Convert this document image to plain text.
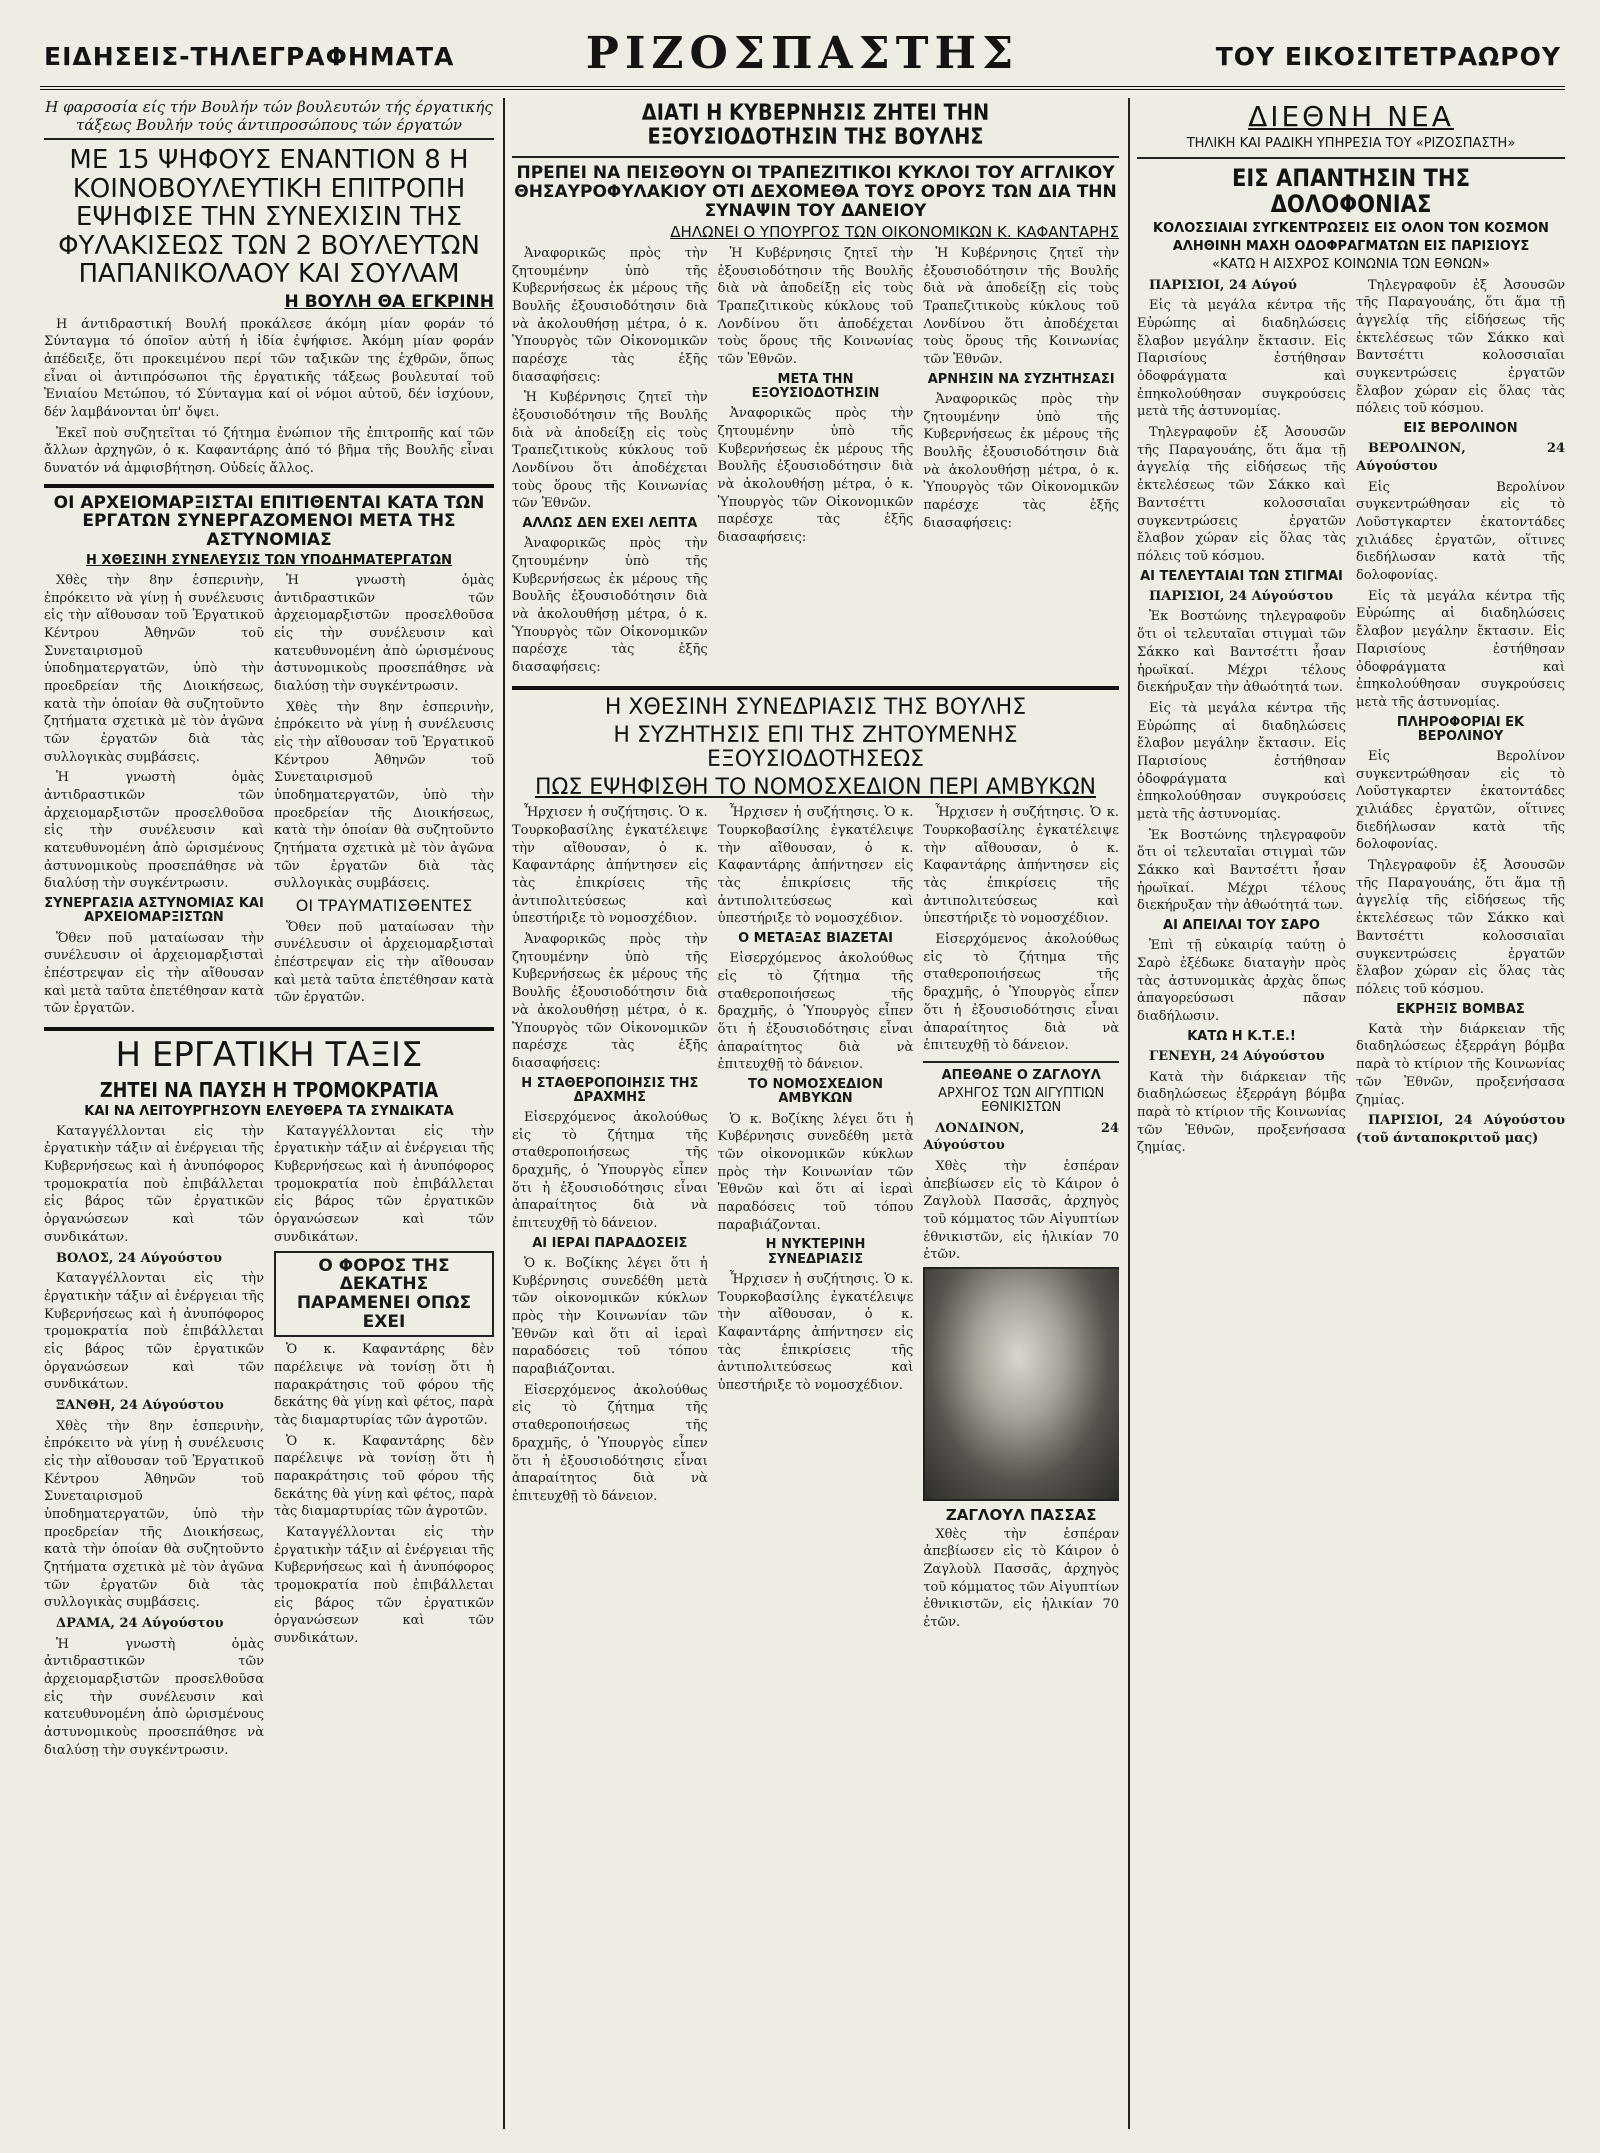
ΕΙΔΗΣΕΙΣ-ΤΗΛΕΓΡΑΦΗΜΑΤΑ	ΡΙΖΟΣΠΑΣΤΗΣ	ΤΟΥ ΕΙΚΟΣΙΤΕΤΡΑΩΡΟΥ
Η φαρσοσία είς τήν Βουλήν τών βουλευτών τής έργατικής τάξεως Βουλήν τούς άντιπροσώπους τών έργατών
ΜΕ 15 ΨΗΦΟΥΣ ΕΝΑΝΤΙΟΝ 8 Η ΚΟΙΝΟΒΟΥΛΕΥΤΙΚΗ ΕΠΙΤΡΟΠΗ ΕΨΗΦΙΣΕ ΤΗΝ ΣΥΝΕΧΙΣΙΝ ΤΗΣ ΦΥΛΑΚΙΣΕΩΣ ΤΩΝ 2 ΒΟΥΛΕΥΤΩΝ ΠΑΠΑΝΙΚΟΛΑΟΥ ΚΑΙ ΣΟΥΛΑΜ
Η ΒΟΥΛΗ ΘΑ ΕΓΚΡΙΝΗ

Η άντιδραστική Βουλή προκάλεσε άκόμη μίαν φοράν τό Σύνταγμα τό όποῖον αὐτή ἡ ἰδία ἐψήφισε. Ἀκόμη μίαν φοράν ἀπέδειξε, ὅτι προκειμένου περί τῶν ταξικῶν της ἐχθρῶν, ὅπως εἶναι οἱ ἀντιπρόσωποι τῆς ἐργατικῆς τάξεως βουλευταί τοῦ Ἑνιαίου Μετώπου, τό Σύνταγμα καί οἱ νόμοι αὐτοῦ, δέν ἰσχύουν, δέν λαμβάνονται ὑπ' ὄψει.

Ἐκεῖ ποὺ συζητεῖται τό ζήτημα ἐνώπιον τῆς ἐπιτροπῆς καί τῶν ἄλλων ἀρχηγῶν, ὁ κ. Καφαντάρης ἀπό τό βῆμα τῆς Βουλῆς εἶναι δυνατόν νά ἀμφισβήτηση. Οὐδείς ἄλλος.

ΟΙ ΑΡΧΕΙΟΜΑΡΞΙΣΤΑΙ ΕΠΙΤΙΘΕΝΤΑΙ ΚΑΤΑ ΤΩΝ ΕΡΓΑΤΩΝ ΣΥΝΕΡΓΑΖΟΜΕΝΟΙ ΜΕΤΑ ΤΗΣ ΑΣΤΥΝΟΜΙΑΣ
Η ΧΘΕΣΙΝΗ ΣΥΝΕΛΕΥΣΙΣ ΤΩΝ ΥΠΟΔΗΜΑΤΕΡΓΑΤΩΝ

Χθὲς τὴν 8ην ἑσπερινὴν, ἐπρόκειτο νὰ γίνῃ ἡ συνέλευσις εἰς τὴν αἴθουσαν τοῦ Ἐργατικοῦ Κέντρου Ἀθηνῶν τοῦ Συνεταιρισμοῦ ὑποδηματεργατῶν, ὑπὸ τὴν προεδρείαν τῆς Διοικήσεως, κατὰ τὴν ὁποίαν θὰ συζητοῦντο ζητήματα σχετικὰ μὲ τὸν ἀγῶνα τῶν ἐργατῶν διὰ τὰς συλλογικὰς συμβάσεις.

Ἡ γνωστὴ ὁμὰς ἀντιδραστικῶν τῶν ἀρχειομαρξιστῶν προσελθοῦσα εἰς τὴν συνέλευσιν καὶ κατευθυνομένη ἀπὸ ὡρισμένους ἀστυνομικοὺς προσεπάθησε νὰ διαλύσῃ τὴν συγκέντρωσιν.

ΣΥΝΕΡΓΑΣΙΑ ΑΣΤΥΝΟΜΙΑΣ ΚΑΙ ΑΡΧΕΙΟΜΑΡΞΙΣΤΩΝ

Ὅθεν ποῦ ματαίωσαν τὴν συνέλευσιν οἱ ἀρχειομαρξισταὶ ἐπέστρεψαν εἰς τὴν αἴθουσαν καὶ μετὰ ταῦτα ἐπετέθησαν κατὰ τῶν ἐργατῶν.

Ἡ γνωστὴ ὁμὰς ἀντιδραστικῶν τῶν ἀρχειομαρξιστῶν προσελθοῦσα εἰς τὴν συνέλευσιν καὶ κατευθυνομένη ἀπὸ ὡρισμένους ἀστυνομικοὺς προσεπάθησε νὰ διαλύσῃ τὴν συγκέντρωσιν.

Χθὲς τὴν 8ην ἑσπερινὴν, ἐπρόκειτο νὰ γίνῃ ἡ συνέλευσις εἰς τὴν αἴθουσαν τοῦ Ἐργατικοῦ Κέντρου Ἀθηνῶν τοῦ Συνεταιρισμοῦ ὑποδηματεργατῶν, ὑπὸ τὴν προεδρείαν τῆς Διοικήσεως, κατὰ τὴν ὁποίαν θὰ συζητοῦντο ζητήματα σχετικὰ μὲ τὸν ἀγῶνα τῶν ἐργατῶν διὰ τὰς συλλογικὰς συμβάσεις.

ΟΙ ΤΡΑΥΜΑΤΙΣΘΕΝΤΕΣ

Ὅθεν ποῦ ματαίωσαν τὴν συνέλευσιν οἱ ἀρχειομαρξισταὶ ἐπέστρεψαν εἰς τὴν αἴθουσαν καὶ μετὰ ταῦτα ἐπετέθησαν κατὰ τῶν ἐργατῶν.

Η ΕΡΓΑΤΙΚΗ ΤΑΞΙΣ
ΖΗΤΕΙ ΝΑ ΠΑΥΣΗ Η ΤΡΟΜΟΚΡΑΤΙΑ
ΚΑΙ ΝΑ ΛΕΙΤΟΥΡΓΗΣΟΥΝ ΕΛΕΥΘΕΡΑ ΤΑ ΣΥΝΔΙΚΑΤΑ

Καταγγέλλονται εἰς τὴν ἐργατικὴν τάξιν αἱ ἐνέργειαι τῆς Κυβερνήσεως καὶ ἡ ἀνυπόφορος τρομοκρατία ποὺ ἐπιβάλλεται εἰς βάρος τῶν ἐργατικῶν ὀργανώσεων καὶ τῶν συνδικάτων.

ΒΟΛΟΣ, 24 Αύγούστου

Καταγγέλλονται εἰς τὴν ἐργατικὴν τάξιν αἱ ἐνέργειαι τῆς Κυβερνήσεως καὶ ἡ ἀνυπόφορος τρομοκρατία ποὺ ἐπιβάλλεται εἰς βάρος τῶν ἐργατικῶν ὀργανώσεων καὶ τῶν συνδικάτων.

ΞΑΝΘΗ, 24 Αύγούστου

Χθὲς τὴν 8ην ἑσπερινὴν, ἐπρόκειτο νὰ γίνῃ ἡ συνέλευσις εἰς τὴν αἴθουσαν τοῦ Ἐργατικοῦ Κέντρου Ἀθηνῶν τοῦ Συνεταιρισμοῦ ὑποδηματεργατῶν, ὑπὸ τὴν προεδρείαν τῆς Διοικήσεως, κατὰ τὴν ὁποίαν θὰ συζητοῦντο ζητήματα σχετικὰ μὲ τὸν ἀγῶνα τῶν ἐργατῶν διὰ τὰς συλλογικὰς συμβάσεις.

ΔΡΑΜΑ, 24 Αύγούστου

Ἡ γνωστὴ ὁμὰς ἀντιδραστικῶν τῶν ἀρχειομαρξιστῶν προσελθοῦσα εἰς τὴν συνέλευσιν καὶ κατευθυνομένη ἀπὸ ὡρισμένους ἀστυνομικοὺς προσεπάθησε νὰ διαλύσῃ τὴν συγκέντρωσιν.

Καταγγέλλονται εἰς τὴν ἐργατικὴν τάξιν αἱ ἐνέργειαι τῆς Κυβερνήσεως καὶ ἡ ἀνυπόφορος τρομοκρατία ποὺ ἐπιβάλλεται εἰς βάρος τῶν ἐργατικῶν ὀργανώσεων καὶ τῶν συνδικάτων.

Ο ΦΟΡΟΣ ΤΗΣ ΔΕΚΑΤΗΣ ΠΑΡΑΜΕΝΕΙ ΟΠΩΣ ΕΧΕΙ

Ὁ κ. Καφαντάρης δὲν παρέλειψε νὰ τονίσῃ ὅτι ἡ παρακράτησις τοῦ φόρου τῆς δεκάτης θὰ γίνῃ καὶ φέτος, παρὰ τὰς διαμαρτυρίας τῶν ἀγροτῶν.

Ὁ κ. Καφαντάρης δὲν παρέλειψε νὰ τονίσῃ ὅτι ἡ παρακράτησις τοῦ φόρου τῆς δεκάτης θὰ γίνῃ καὶ φέτος, παρὰ τὰς διαμαρτυρίας τῶν ἀγροτῶν.

Καταγγέλλονται εἰς τὴν ἐργατικὴν τάξιν αἱ ἐνέργειαι τῆς Κυβερνήσεως καὶ ἡ ἀνυπόφορος τρομοκρατία ποὺ ἐπιβάλλεται εἰς βάρος τῶν ἐργατικῶν ὀργανώσεων καὶ τῶν συνδικάτων.

ΔΙΑΤΙ Η ΚΥΒΕΡΝΗΣΙΣ ΖΗΤΕΙ ΤΗΝ ΕΞΟΥΣΙΟΔΟΤΗΣΙΝ ΤΗΣ ΒΟΥΛΗΣ
ΠΡΕΠΕΙ ΝΑ ΠΕΙΣΘΟΥΝ ΟΙ ΤΡΑΠΕΖΙΤΙΚΟΙ ΚΥΚΛΟΙ ΤΟΥ ΑΓΓΛΙΚΟΥ ΘΗΣΑΥΡΟΦΥΛΑΚΙΟΥ ΟΤΙ ΔΕΧΟΜΕΘΑ ΤΟΥΣ ΟΡΟΥΣ ΤΩΝ ΔΙΑ ΤΗΝ ΣΥΝΑΨΙΝ ΤΟΥ ΔΑΝΕΙΟΥ
ΔΗΛΩΝΕΙ Ο ΥΠΟΥΡΓΟΣ ΤΩΝ ΟΙΚΟΝΟΜΙΚΩΝ Κ. ΚΑΦΑΝΤΑΡΗΣ

Ἀναφορικῶς πρὸς τὴν ζητουμένην ὑπὸ τῆς Κυβερνήσεως ἐκ μέρους τῆς Βουλῆς ἐξουσιοδότησιν διὰ νὰ ἀκολουθήσῃ μέτρα, ὁ κ. Ὑπουργὸς τῶν Οἰκονομικῶν παρέσχε τὰς ἑξῆς διασαφήσεις:

Ἡ Κυβέρνησις ζητεῖ τὴν ἐξουσιοδότησιν τῆς Βουλῆς διὰ νὰ ἀποδείξῃ εἰς τοὺς Τραπεζιτικοὺς κύκλους τοῦ Λονδίνου ὅτι ἀποδέχεται τοὺς ὅρους τῆς Κοινωνίας τῶν Ἐθνῶν.

ΑΛΛΩΣ ΔΕΝ ΕΧΕΙ ΛΕΠΤΑ

Ἀναφορικῶς πρὸς τὴν ζητουμένην ὑπὸ τῆς Κυβερνήσεως ἐκ μέρους τῆς Βουλῆς ἐξουσιοδότησιν διὰ νὰ ἀκολουθήσῃ μέτρα, ὁ κ. Ὑπουργὸς τῶν Οἰκονομικῶν παρέσχε τὰς ἑξῆς διασαφήσεις:

Ἡ Κυβέρνησις ζητεῖ τὴν ἐξουσιοδότησιν τῆς Βουλῆς διὰ νὰ ἀποδείξῃ εἰς τοὺς Τραπεζιτικοὺς κύκλους τοῦ Λονδίνου ὅτι ἀποδέχεται τοὺς ὅρους τῆς Κοινωνίας τῶν Ἐθνῶν.

ΜΕΤΑ ΤΗΝ ΕΞΟΥΣΙΟΔΟΤΗΣΙΝ

Ἀναφορικῶς πρὸς τὴν ζητουμένην ὑπὸ τῆς Κυβερνήσεως ἐκ μέρους τῆς Βουλῆς ἐξουσιοδότησιν διὰ νὰ ἀκολουθήσῃ μέτρα, ὁ κ. Ὑπουργὸς τῶν Οἰκονομικῶν παρέσχε τὰς ἑξῆς διασαφήσεις:

Ἡ Κυβέρνησις ζητεῖ τὴν ἐξουσιοδότησιν τῆς Βουλῆς διὰ νὰ ἀποδείξῃ εἰς τοὺς Τραπεζιτικοὺς κύκλους τοῦ Λονδίνου ὅτι ἀποδέχεται τοὺς ὅρους τῆς Κοινωνίας τῶν Ἐθνῶν.

ΑΡΝΗΣΙΝ ΝΑ ΣΥΖΗΤΗΣΑΣΙ

Ἀναφορικῶς πρὸς τὴν ζητουμένην ὑπὸ τῆς Κυβερνήσεως ἐκ μέρους τῆς Βουλῆς ἐξουσιοδότησιν διὰ νὰ ἀκολουθήσῃ μέτρα, ὁ κ. Ὑπουργὸς τῶν Οἰκονομικῶν παρέσχε τὰς ἑξῆς διασαφήσεις:

Η ΧΘΕΣΙΝΗ ΣΥΝΕΔΡΙΑΣΙΣ ΤΗΣ ΒΟΥΛΗΣ
Η ΣΥΖΗΤΗΣΙΣ ΕΠΙ ΤΗΣ ΖΗΤΟΥΜΕΝΗΣ ΕΞΟΥΣΙΟΔΟΤΗΣΕΩΣ
ΠΩΣ ΕΨΗΦΙΣΘΗ ΤΟ ΝΟΜΟΣΧΕΔΙΟΝ ΠΕΡΙ ΑΜΒΥΚΩΝ

Ἦρχισεν ἡ συζήτησις. Ὁ κ. Τουρκοβασίλης ἐγκατέλειψε τὴν αἴθουσαν, ὁ κ. Καφαντάρης ἀπήντησεν εἰς τὰς ἐπικρίσεις τῆς ἀντιπολιτεύσεως καὶ ὑπεστήριξε τὸ νομοσχέδιον.

Ἀναφορικῶς πρὸς τὴν ζητουμένην ὑπὸ τῆς Κυβερνήσεως ἐκ μέρους τῆς Βουλῆς ἐξουσιοδότησιν διὰ νὰ ἀκολουθήσῃ μέτρα, ὁ κ. Ὑπουργὸς τῶν Οἰκονομικῶν παρέσχε τὰς ἑξῆς διασαφήσεις:

Η ΣΤΑΘΕΡΟΠΟΙΗΣΙΣ ΤΗΣ ΔΡΑΧΜΗΣ

Εἰσερχόμενος ἀκολούθως εἰς τὸ ζήτημα τῆς σταθεροποιήσεως τῆς δραχμῆς, ὁ Ὑπουργὸς εἶπεν ὅτι ἡ ἐξουσιοδότησις εἶναι ἀπαραίτητος διὰ νὰ ἐπιτευχθῇ τὸ δάνειον.

ΑΙ ΙΕΡΑΙ ΠΑΡΑΔΟΣΕΙΣ

Ὁ κ. Βοζίκης λέγει ὅτι ἡ Κυβέρνησις συνεδέθη μετὰ τῶν οἰκονομικῶν κύκλων πρὸς τὴν Κοινωνίαν τῶν Ἐθνῶν καὶ ὅτι αἱ ἱεραὶ παραδόσεις τοῦ τόπου παραβιάζονται.

Εἰσερχόμενος ἀκολούθως εἰς τὸ ζήτημα τῆς σταθεροποιήσεως τῆς δραχμῆς, ὁ Ὑπουργὸς εἶπεν ὅτι ἡ ἐξουσιοδότησις εἶναι ἀπαραίτητος διὰ νὰ ἐπιτευχθῇ τὸ δάνειον.

Ἦρχισεν ἡ συζήτησις. Ὁ κ. Τουρκοβασίλης ἐγκατέλειψε τὴν αἴθουσαν, ὁ κ. Καφαντάρης ἀπήντησεν εἰς τὰς ἐπικρίσεις τῆς ἀντιπολιτεύσεως καὶ ὑπεστήριξε τὸ νομοσχέδιον.

Ο ΜΕΤΑΞΑΣ ΒΙΑΖΕΤΑΙ

Εἰσερχόμενος ἀκολούθως εἰς τὸ ζήτημα τῆς σταθεροποιήσεως τῆς δραχμῆς, ὁ Ὑπουργὸς εἶπεν ὅτι ἡ ἐξουσιοδότησις εἶναι ἀπαραίτητος διὰ νὰ ἐπιτευχθῇ τὸ δάνειον.

ΤΟ ΝΟΜΟΣΧΕΔΙΟΝ ΑΜΒΥΚΩΝ

Ὁ κ. Βοζίκης λέγει ὅτι ἡ Κυβέρνησις συνεδέθη μετὰ τῶν οἰκονομικῶν κύκλων πρὸς τὴν Κοινωνίαν τῶν Ἐθνῶν καὶ ὅτι αἱ ἱεραὶ παραδόσεις τοῦ τόπου παραβιάζονται.

Η ΝΥΚΤΕΡΙΝΗ ΣΥΝΕΔΡΙΑΣΙΣ

Ἦρχισεν ἡ συζήτησις. Ὁ κ. Τουρκοβασίλης ἐγκατέλειψε τὴν αἴθουσαν, ὁ κ. Καφαντάρης ἀπήντησεν εἰς τὰς ἐπικρίσεις τῆς ἀντιπολιτεύσεως καὶ ὑπεστήριξε τὸ νομοσχέδιον.

Ἦρχισεν ἡ συζήτησις. Ὁ κ. Τουρκοβασίλης ἐγκατέλειψε τὴν αἴθουσαν, ὁ κ. Καφαντάρης ἀπήντησεν εἰς τὰς ἐπικρίσεις τῆς ἀντιπολιτεύσεως καὶ ὑπεστήριξε τὸ νομοσχέδιον.

Εἰσερχόμενος ἀκολούθως εἰς τὸ ζήτημα τῆς σταθεροποιήσεως τῆς δραχμῆς, ὁ Ὑπουργὸς εἶπεν ὅτι ἡ ἐξουσιοδότησις εἶναι ἀπαραίτητος διὰ νὰ ἐπιτευχθῇ τὸ δάνειον.

ΑΠΕΘΑΝΕ Ο ΖΑΓΛΟΥΛ
ΑΡΧΗΓΟΣ ΤΩΝ ΑΙΓΥΠΤΙΩΝ ΕΘΝΙΚΙΣΤΩΝ

ΛΟΝΔΙΝΟΝ, 24 Αύγούστου

Χθὲς τὴν ἑσπέραν ἀπεβίωσεν εἰς τὸ Κάιρον ὁ Ζαγλοὺλ Πασσᾶς, ἀρχηγὸς τοῦ κόμματος τῶν Αἰγυπτίων ἐθνικιστῶν, εἰς ἡλικίαν 70 ἐτῶν.

ΖΑΓΛΟΥΛ ΠΑΣΣΑΣ

Χθὲς τὴν ἑσπέραν ἀπεβίωσεν εἰς τὸ Κάιρον ὁ Ζαγλοὺλ Πασσᾶς, ἀρχηγὸς τοῦ κόμματος τῶν Αἰγυπτίων ἐθνικιστῶν, εἰς ἡλικίαν 70 ἐτῶν.

ΔΙΕΘΝΗ ΝΕΑ
ΤΗΛΙΚΗ ΚΑΙ ΡΑΔΙΚΗ ΥΠΗΡΕΣΙΑ ΤΟΥ «ΡΙΖΟΣΠΑΣΤΗ»
ΕΙΣ ΑΠΑΝΤΗΣΙΝ ΤΗΣ ΔΟΛΟΦΟΝΙΑΣ
ΚΟΛΟΣΣΙΑΙΑΙ ΣΥΓΚΕΝΤΡΩΣΕΙΣ ΕΙΣ ΟΛΟΝ ΤΟΝ ΚΟΣΜΟΝ
ΑΛΗΘΙΝΗ ΜΑΧΗ ΟΔΟΦΡΑΓΜΑΤΩΝ ΕΙΣ ΠΑΡΙΣΙΟΥΣ
«ΚΑΤΩ Η ΑΙΣΧΡΟΣ ΚΟΙΝΩΝΙΑ ΤΩΝ ΕΘΝΩΝ»

ΠΑΡΙΣΙΟΙ, 24 Αύγού

Εἰς τὰ μεγάλα κέντρα τῆς Εὐρώπης αἱ διαδηλώσεις ἔλαβον μεγάλην ἔκτασιν. Εἰς Παρισίους ἐστήθησαν ὀδοφράγματα καὶ ἐπηκολούθησαν συγκρούσεις μετὰ τῆς ἀστυνομίας.

Τηλεγραφοῦν ἐξ Ἀσουσῶν τῆς Παραγουάης, ὅτι ἅμα τῇ ἀγγελίᾳ τῆς εἰδήσεως τῆς ἐκτελέσεως τῶν Σάκκο καὶ Βαντσέττι κολοσσιαῖαι συγκεντρώσεις ἐργατῶν ἔλαβον χώραν εἰς ὅλας τὰς πόλεις τοῦ κόσμου.

ΑΙ ΤΕΛΕΥΤΑΙΑΙ ΤΩΝ ΣΤΙΓΜΑΙ

ΠΑΡΙΣΙΟΙ, 24 Αύγούστου

Ἐκ Βοστώνης τηλεγραφοῦν ὅτι οἱ τελευταῖαι στιγμαὶ τῶν Σάκκο καὶ Βαντσέττι ἦσαν ἡρωϊκαί. Μέχρι τέλους διεκήρυξαν τὴν ἀθωότητά των.

Εἰς τὰ μεγάλα κέντρα τῆς Εὐρώπης αἱ διαδηλώσεις ἔλαβον μεγάλην ἔκτασιν. Εἰς Παρισίους ἐστήθησαν ὀδοφράγματα καὶ ἐπηκολούθησαν συγκρούσεις μετὰ τῆς ἀστυνομίας.

Ἐκ Βοστώνης τηλεγραφοῦν ὅτι οἱ τελευταῖαι στιγμαὶ τῶν Σάκκο καὶ Βαντσέττι ἦσαν ἡρωϊκαί. Μέχρι τέλους διεκήρυξαν τὴν ἀθωότητά των.

ΑΙ ΑΠΕΙΛΑΙ ΤΟΥ ΣΑΡΟ

Ἐπὶ τῇ εὐκαιρίᾳ ταύτῃ ὁ Σαρὸ ἐξέδωκε διαταγὴν πρὸς τὰς ἀστυνομικὰς ἀρχὰς ὅπως ἀπαγορεύσωσι πᾶσαν διαδήλωσιν.

ΚΑΤΩ Η Κ.Τ.Ε.!

ΓΕΝΕΥΗ, 24 Αύγούστου

Κατὰ τὴν διάρκειαν τῆς διαδηλώσεως ἐξερράγη βόμβα παρὰ τὸ κτίριον τῆς Κοινωνίας τῶν Ἐθνῶν, προξενήσασα ζημίας.

Τηλεγραφοῦν ἐξ Ἀσουσῶν τῆς Παραγουάης, ὅτι ἅμα τῇ ἀγγελίᾳ τῆς εἰδήσεως τῆς ἐκτελέσεως τῶν Σάκκο καὶ Βαντσέττι κολοσσιαῖαι συγκεντρώσεις ἐργατῶν ἔλαβον χώραν εἰς ὅλας τὰς πόλεις τοῦ κόσμου.

ΕΙΣ ΒΕΡΟΛΙΝΟΝ

ΒΕΡΟΛΙΝΟΝ, 24 Αύγούστου

Εἰς Βερολίνον συγκεντρώθησαν εἰς τὸ Λοῦστγκαρτεν ἑκατοντάδες χιλιάδες ἐργατῶν, οἵτινες διεδήλωσαν κατὰ τῆς δολοφονίας.

Εἰς τὰ μεγάλα κέντρα τῆς Εὐρώπης αἱ διαδηλώσεις ἔλαβον μεγάλην ἔκτασιν. Εἰς Παρισίους ἐστήθησαν ὀδοφράγματα καὶ ἐπηκολούθησαν συγκρούσεις μετὰ τῆς ἀστυνομίας.

ΠΛΗΡΟΦΟΡΙΑΙ ΕΚ ΒΕΡΟΛΙΝΟΥ

Εἰς Βερολίνον συγκεντρώθησαν εἰς τὸ Λοῦστγκαρτεν ἑκατοντάδες χιλιάδες ἐργατῶν, οἵτινες διεδήλωσαν κατὰ τῆς δολοφονίας.

Τηλεγραφοῦν ἐξ Ἀσουσῶν τῆς Παραγουάης, ὅτι ἅμα τῇ ἀγγελίᾳ τῆς εἰδήσεως τῆς ἐκτελέσεως τῶν Σάκκο καὶ Βαντσέττι κολοσσιαῖαι συγκεντρώσεις ἐργατῶν ἔλαβον χώραν εἰς ὅλας τὰς πόλεις τοῦ κόσμου.

ΕΚΡΗΞΙΣ ΒΟΜΒΑΣ

Κατὰ τὴν διάρκειαν τῆς διαδηλώσεως ἐξερράγη βόμβα παρὰ τὸ κτίριον τῆς Κοινωνίας τῶν Ἐθνῶν, προξενήσασα ζημίας.

ΠΑΡΙΣΙΟΙ, 24 Αύγούστου (τοῦ άνταποκριτοῦ μας)
